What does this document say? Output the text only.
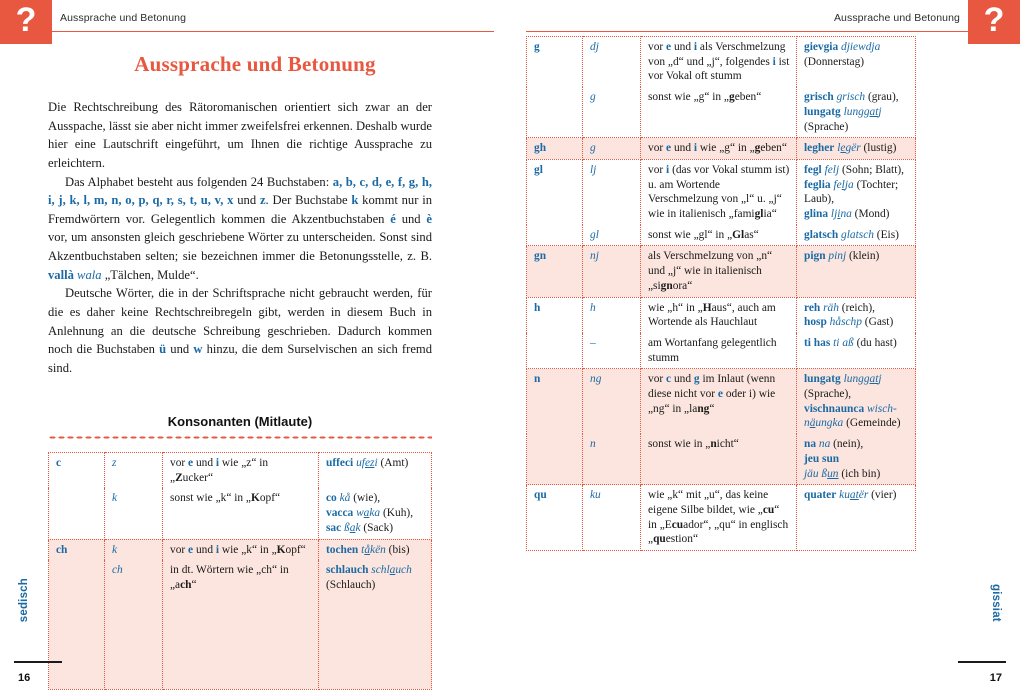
?	Aussprache und Betonung
Aussprache und Betonung

Die Rechtschreibung des Rätoromanischen orientiert sich zwar an der Ausspache, lässt sie aber nicht immer zweifelsfrei erkennen. Deshalb wurde hier eine Lautschrift eingeführt, um Ihnen die richtige Aussprache zu erleichtern.

Das Alphabet besteht aus folgenden 24 Buchstaben: a, b, c, d, e, f, g, h, i, j, k, l, m, n, o, p, q, r, s, t, u, v, x und z. Der Buchstabe k kommt nur in Fremdwörtern vor. Gelegentlich kommen die Akzentbuchstaben é und è vor, um ansonsten gleich geschriebene Wörter zu unterscheiden. Sonst sind Akzentbuchstaben selten; sie bezeichnen immer die Betonungsstelle, z. B. vallà wala „Tälchen, Mulde“.

Deutsche Wörter, die in der Schriftsprache nicht gebraucht werden, für die es daher keine Rechtschreibregeln gibt, werden in diesem Buch in Anlehnung an die deutsche Schreibung geschrieben. Dadurch kommen noch die Buchstaben ü und w hinzu, die dem Surselvischen an sich fremd sind.

Konsonanten (Mitlaute)
c	z	vor e und i wie „z“ in „Zucker“	uffeci ufezi (Amt)
	k	sonst wie „k“ in „Kopf“	co kå (wie),
vacca waka (Kuh),
sac ßak (Sack)
ch	k	vor e und i wie „k“ in „Kopf“	tochen tåkën (bis)
	ch	in dt. Wörtern wie „ch“ in „ach“	schlauch schlauch
(Schlauch)
sedisch
16
?
Aussprache und Betonung
g	dj	vor e und i als Verschmelzung von „d“ und „j“, folgendes i ist vor Vokal oft stumm	gievgia djiewdja
(Donnerstag)
	g	sonst wie „g“ in „geben“	grisch grisch (grau),
lungatg lunggatj
(Sprache)
gh	g	vor e und i wie „g“ in „geben“	legher legër (lustig)
gl	lj	vor i (das vor Vokal stumm ist) u. am Wortende Verschmelzung von „l“ u. „j“ wie in italienisch „famiglia“	fegl felj (Sohn; Blatt),
feglia felja (Tochter;
Laub),
glina ljina (Mond)
	gl	sonst wie „gl“ in „Glas“	glatsch glatsch (Eis)
gn	nj	als Verschmelzung von „n“ und „j“ wie in italienisch „signora“	pign pinj (klein)
h	h	wie „h“ in „Haus“, auch am Wortende als Hauchlaut	reh räh (reich),
hosp håschp (Gast)
	–	am Wortanfang gelegentlich stumm	ti has ti aß (du hast)
n	ng	vor c und g im Inlaut (wenn diese nicht vor e oder i) wie „ng“ in „lang“	lungatg lunggatj
(Sprache),
vischnaunca wisch-
näungka (Gemeinde)
	n	sonst wie in „nicht“	na na (nein),
jeu sun
jäu ßun (ich bin)
qu	ku	wie „k“ mit „u“, das keine eigene Silbe bildet, wie „cu“ in „Ecuador“, „qu“ in englisch „question“	quater kuatër (vier)
gissiat
17
